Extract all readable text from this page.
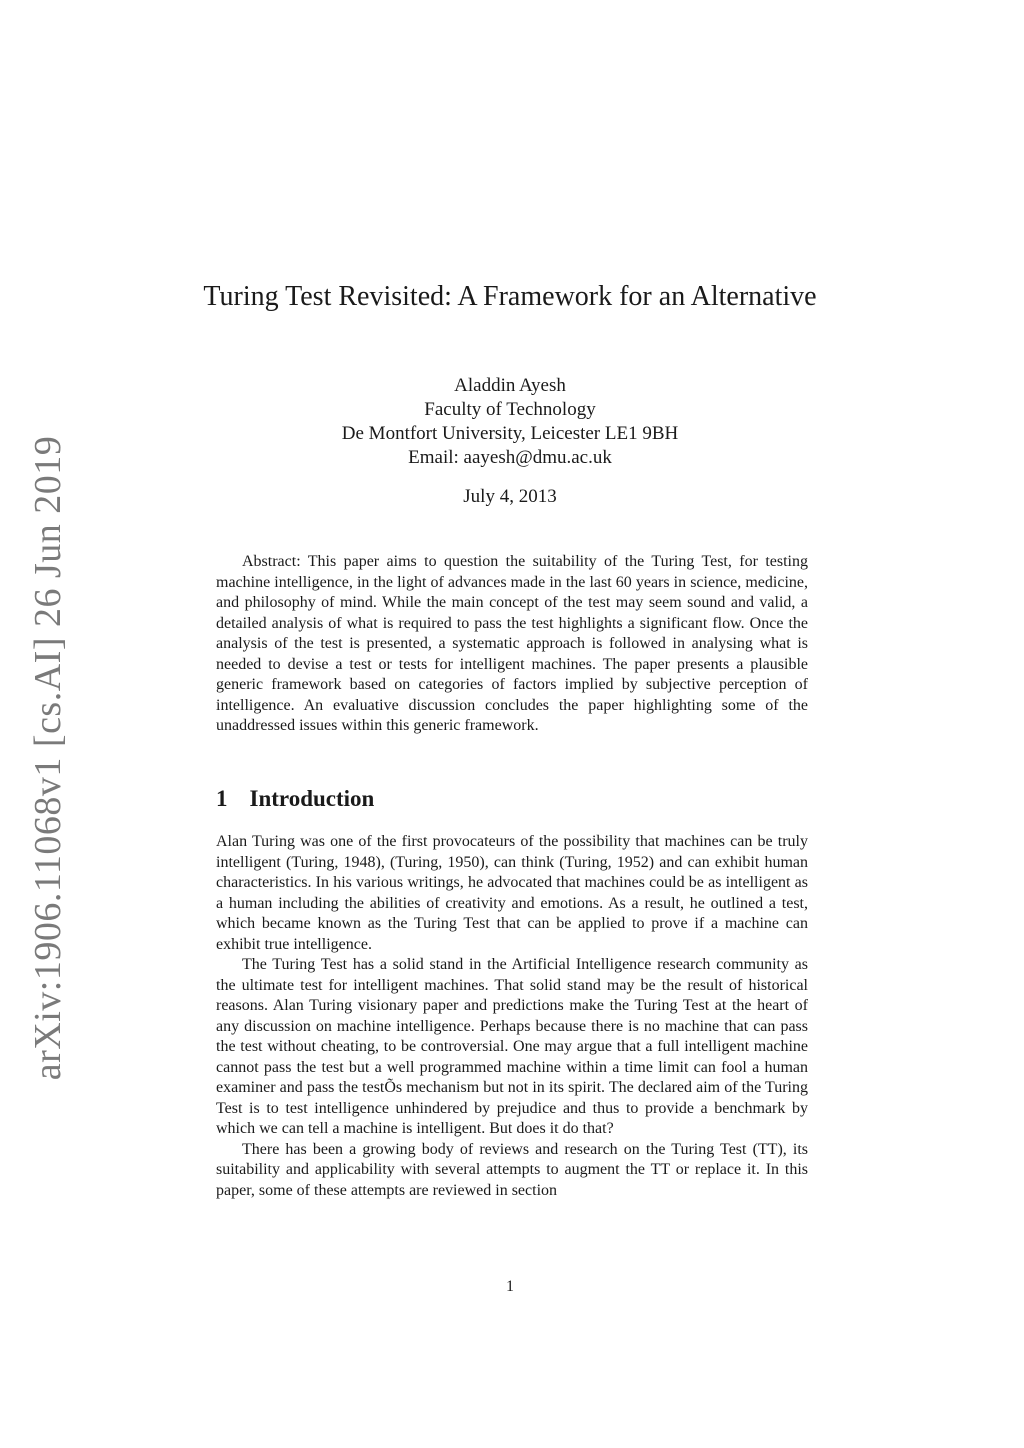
arXiv:1906.11068v1 [cs.AI] 26 Jun 2019
Turing Test Revisited: A Framework for an Alternative
Aladdin Ayesh
Faculty of Technology
De Montfort University, Leicester LE1 9BH
Email: aayesh@dmu.ac.uk
July 4, 2013

Abstract: This paper aims to question the suitability of the Turing Test, for testing machine intelligence, in the light of advances made in the last 60 years in science, medicine, and philosophy of mind. While the main concept of the test may seem sound and valid, a detailed analysis of what is required to pass the test highlights a significant flow. Once the analysis of the test is presented, a systematic approach is followed in analysing what is needed to devise a test or tests for intelligent machines. The paper presents a plausible generic framework based on categories of factors implied by subjective perception of intelligence. An evaluative discussion concludes the paper highlighting some of the unaddressed issues within this generic framework.

1 Introduction

Alan Turing was one of the first provocateurs of the possibility that machines can be truly intelligent (Turing, 1948), (Turing, 1950), can think (Turing, 1952) and can exhibit human characteristics. In his various writings, he advocated that machines could be as intelligent as a human including the abilities of creativity and emotions. As a result, he outlined a test, which became known as the Turing Test that can be applied to prove if a machine can exhibit true intelligence.

The Turing Test has a solid stand in the Artificial Intelligence research community as the ultimate test for intelligent machines. That solid stand may be the result of historical reasons. Alan Turing visionary paper and predictions make the Turing Test at the heart of any discussion on machine intelligence. Perhaps because there is no machine that can pass the test without cheating, to be controversial. One may argue that a full intelligent machine cannot pass the test but a well programmed machine within a time limit can fool a human examiner and pass the testÕs mechanism but not in its spirit. The declared aim of the Turing Test is to test intelligence unhindered by prejudice and thus to provide a benchmark by which we can tell a machine is intelligent. But does it do that?

There has been a growing body of reviews and research on the Turing Test (TT), its suitability and applicability with several attempts to augment the TT or replace it. In this paper, some of these attempts are reviewed in section

1
